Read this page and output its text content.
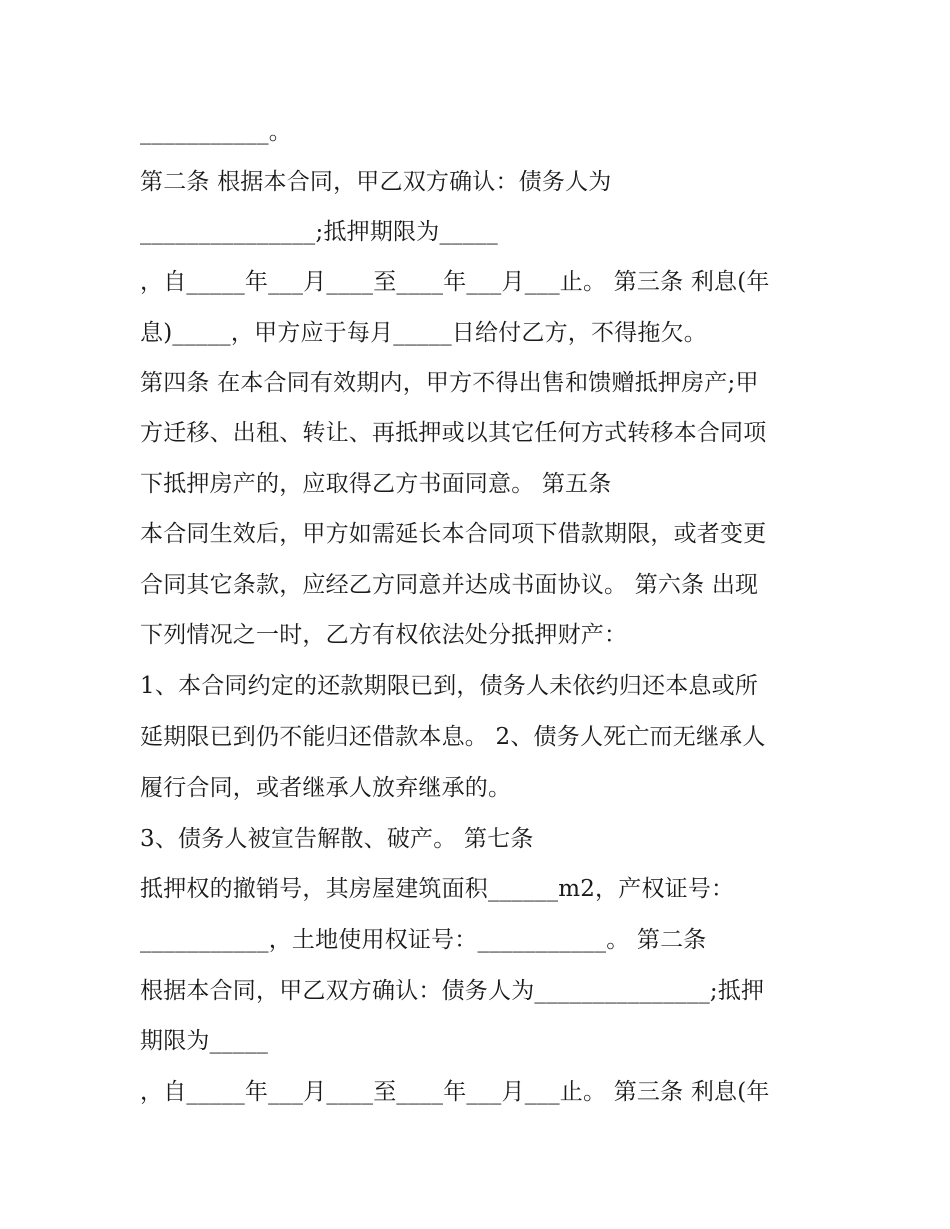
___________。
第二条 根据本合同，甲乙双方确认：债务人为
_______________;抵押期限为_____
，自_____年___月____至____年___月___止。 第三条 利息(年
息)_____，甲方应于每月_____日给付乙方，不得拖欠。
第四条 在本合同有效期内，甲方不得出售和馈赠抵押房产;甲
方迁移、出租、转让、再抵押或以其它任何方式转移本合同项
下抵押房产的，应取得乙方书面同意。 第五条
本合同生效后，甲方如需延长本合同项下借款期限，或者变更
合同其它条款，应经乙方同意并达成书面协议。 第六条 出现
下列情况之一时，乙方有权依法处分抵押财产：
1、本合同约定的还款期限已到，债务人未依约归还本息或所
延期限已到仍不能归还借款本息。 2、债务人死亡而无继承人
履行合同，或者继承人放弃继承的。
3、债务人被宣告解散、破产。 第七条
抵押权的撤销号，其房屋建筑面积______m2，产权证号：
___________，土地使用权证号：___________。 第二条
根据本合同，甲乙双方确认：债务人为_______________;抵押
期限为_____
，自_____年___月____至____年___月___止。 第三条 利息(年
